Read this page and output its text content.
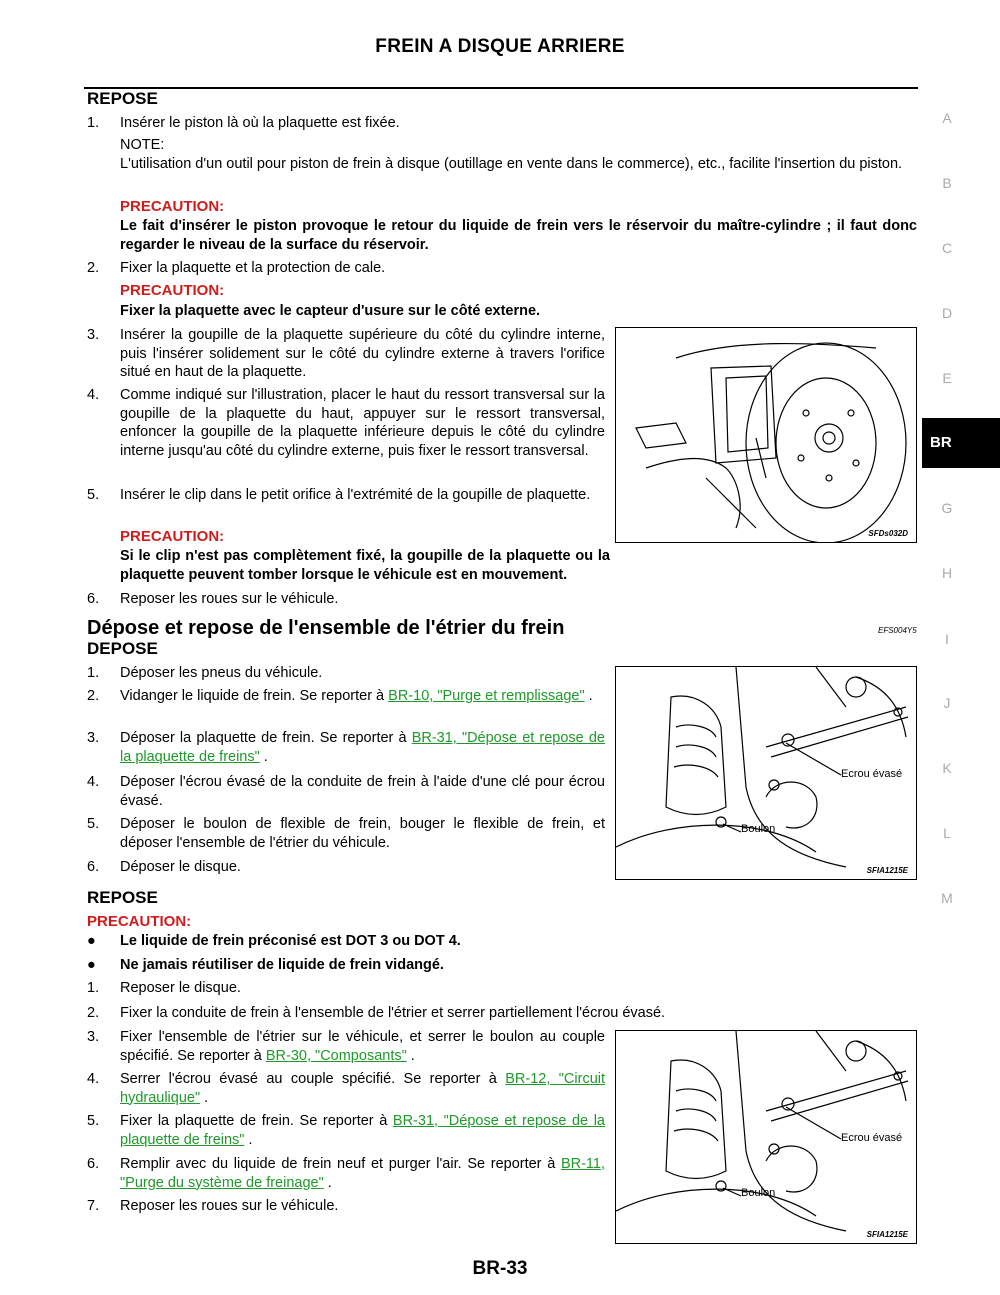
FREIN A DISQUE ARRIERE
A
B
C
D
E
BR
G
H
I
J
K
L
M
REPOSE
1.	Insérer le piston là où la plaquette est fixée.
NOTE:
L'utilisation d'un outil pour piston de frein à disque (outillage en vente dans le commerce), etc., facilite l'insertion du piston.
PRECAUTION:
Le fait d'insérer le piston provoque le retour du liquide de frein vers le réservoir du maître-cylindre ; il faut donc regarder le niveau de la surface du réservoir.
2.	Fixer la plaquette et la protection de cale.
PRECAUTION:
Fixer la plaquette avec le capteur d'usure sur le côté externe.
3.	Insérer la goupille de la plaquette supérieure du côté du cylindre interne, puis l'insérer solidement sur le côté du cylindre externe à travers l'orifice situé en haut de la plaquette.
4.	Comme indiqué sur l'illustration, placer le haut du ressort transversal sur la goupille de la plaquette du haut, appuyer sur le ressort transversal, enfoncer la goupille de la plaquette inférieure depuis le côté du cylindre interne jusqu'au côté du cylindre externe, puis fixer le ressort transversal.
5.	Insérer le clip dans le petit orifice à l'extrémité de la goupille de plaquette.
PRECAUTION:
Si le clip n'est pas complètement fixé, la goupille de la plaquette ou la plaquette peuvent tomber lorsque le véhicule est en mouvement.
6.	Reposer les roues sur le véhicule.
SFDs032D
Dépose et repose de l'ensemble de l'étrier du frein	EFS004Y5
DEPOSE
1.	Déposer les pneus du véhicule.
2.	Vidanger le liquide de frein. Se reporter à BR-10, "Purge et remplissage" .
3.	Déposer la plaquette de frein. Se reporter à BR-31, "Dépose et repose de la plaquette de freins" .
4.	Déposer l'écrou évasé de la conduite de frein à l'aide d'une clé pour écrou évasé.
5.	Déposer le boulon de flexible de frein, bouger le flexible de frein, et déposer l'ensemble de l'étrier du véhicule.
6.	Déposer le disque.
Ecrou évasé
Boulon
SFIA1215E
REPOSE
PRECAUTION:
● Le liquide de frein préconisé est DOT 3 ou DOT 4.
● Ne jamais réutiliser de liquide de frein vidangé.
1.	Reposer le disque.
2.	Fixer la conduite de frein à l'ensemble de l'étrier et serrer partiellement l'écrou évasé.
3.	Fixer l'ensemble de l'étrier sur le véhicule, et serrer le boulon au couple spécifié. Se reporter à BR-30, "Composants" .
4.	Serrer l'écrou évasé au couple spécifié. Se reporter à BR-12, "Circuit hydraulique" .
5.	Fixer la plaquette de frein. Se reporter à BR-31, "Dépose et repose de la plaquette de freins" .
6.	Remplir avec du liquide de frein neuf et purger l'air. Se reporter à BR-11, "Purge du système de freinage" .
7.	Reposer les roues sur le véhicule.
Ecrou évasé
Boulon
SFIA1215E
BR-33
